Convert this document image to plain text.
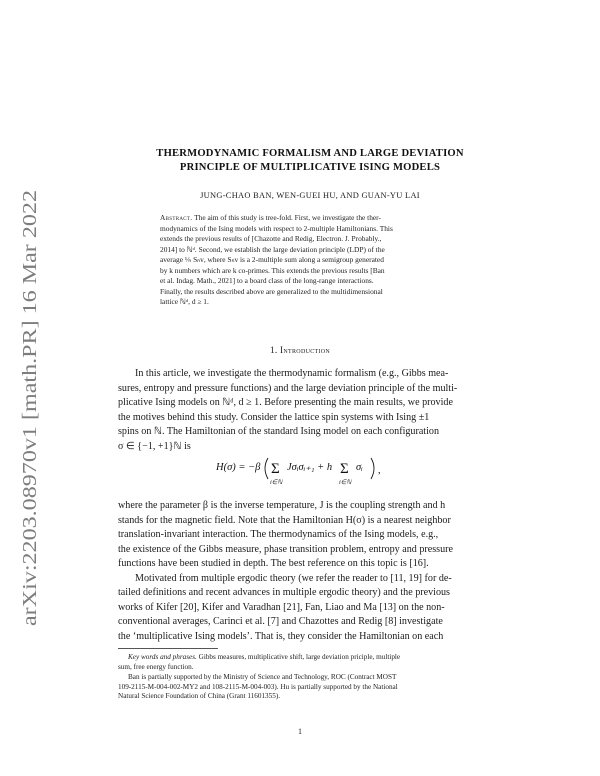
arXiv:2203.08970v1 [math.PR] 16 Mar 2022
THERMODYNAMIC FORMALISM AND LARGE DEVIATION
PRINCIPLE OF MULTIPLICATIVE ISING MODELS
JUNG-CHAO BAN, WEN-GUEI HU, AND GUAN-YU LAI
Abstract. The aim of this study is tree-fold. First, we investigate the ther-
modynamics of the Ising models with respect to 2-multiple Hamiltonians. This
extends the previous results of [Chazotte and Redig, Electron. J. Probably.,
2014] to ℕᵈ. Second, we establish the large deviation principle (LDP) of the
average ¹⁄ₙ Sₙᴠ, where Sₙᴠ is a 2-multiple sum along a semigroup generated
by k numbers which are k co-primes. This extends the previous results [Ban
et al. Indag. Math., 2021] to a board class of the long-range interactions.
Finally, the results described above are generalized to the multidimensional
lattice ℕᵈ, d ≥ 1.
1. Introduction
In this article, we investigate the thermodynamic formalism (e.g., Gibbs mea-
sures, entropy and pressure functions) and the large deviation principle of the multi-
plicative Ising models on ℕᵈ, d ≥ 1. Before presenting the main results, we provide
the motives behind this study. Consider the lattice spin systems with Ising ±1
spins on ℕ. The Hamiltonian of the standard Ising model on each configuration
σ ∈ {−1, +1}ℕ is
H(σ) = −β Σ
i∈ℕ
Jσᵢσᵢ₊₁ + h Σ
i∈ℕ
σᵢ ,
where the parameter β is the inverse temperature, J is the coupling strength and h
stands for the magnetic field. Note that the Hamiltonian H(σ) is a nearest neighbor
translation-invariant interaction. The thermodynamics of the Ising models, e.g.,
the existence of the Gibbs measure, phase transition problem, entropy and pressure
functions have been studied in depth. The best reference on this topic is [16].
Motivated from multiple ergodic theory (we refer the reader to [11, 19] for de-
tailed definitions and recent advances in multiple ergodic theory) and the previous
works of Kifer [20], Kifer and Varadhan [21], Fan, Liao and Ma [13] on the non-
conventional averages, Carinci et al. [7] and Chazottes and Redig [8] investigate
the ‘multiplicative Ising models’. That is, they consider the Hamiltonian on each
Key words and phrases. Gibbs measures, multiplicative shift, large deviation priciple, multiple
sum, free energy function.
Ban is partially supported by the Ministry of Science and Technology, ROC (Contract MOST
109-2115-M-004-002-MY2 and 108-2115-M-004-003). Hu is partially supported by the National
Natural Science Foundation of China (Grant 11601355).
1
